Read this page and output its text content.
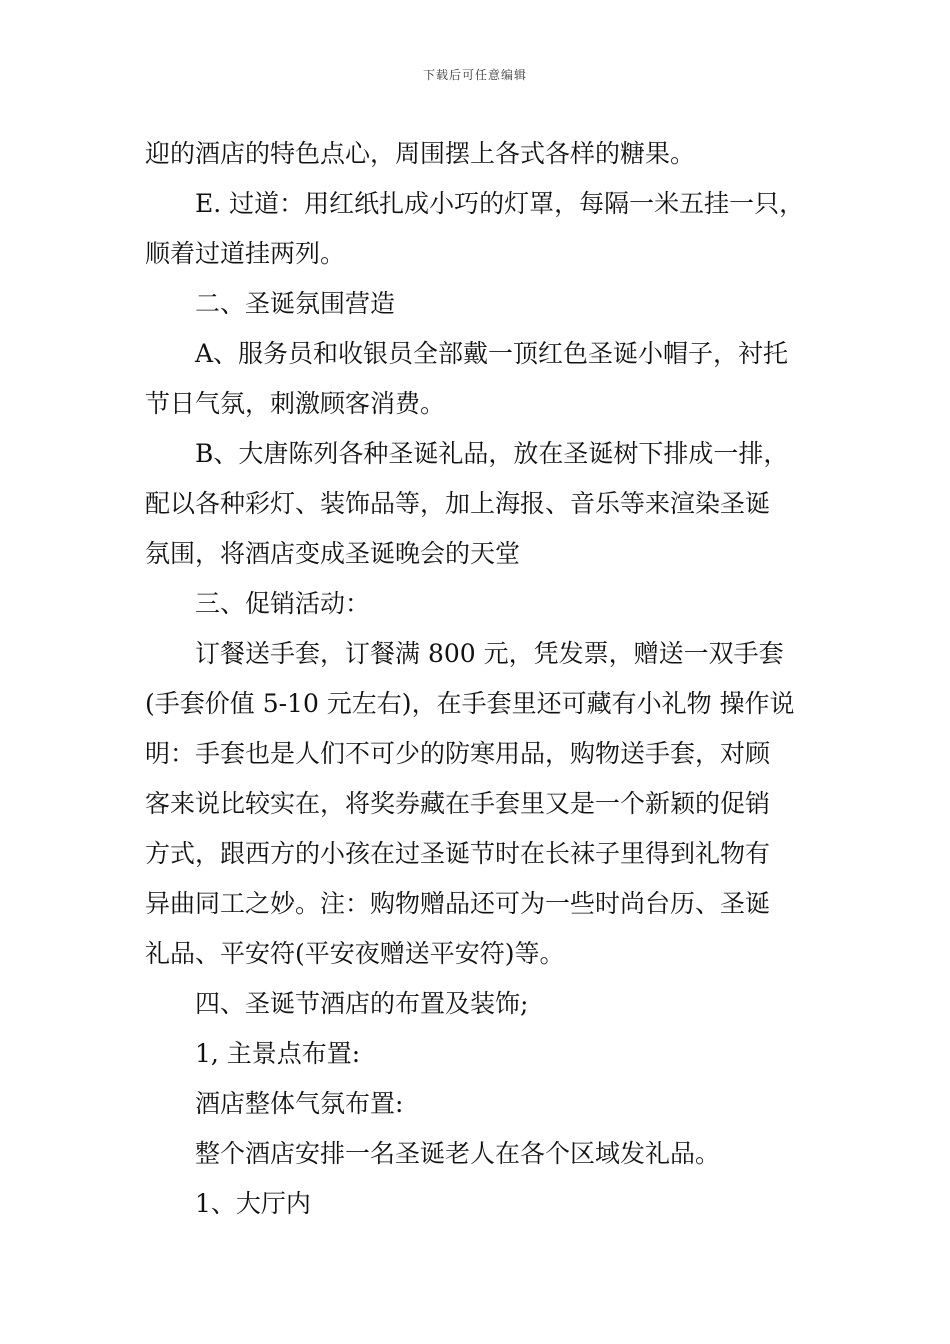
下载后可任意编辑
迎的酒店的特色点心，周围摆上各式各样的糖果。
E. 过道：用红纸扎成小巧的灯罩，每隔一米五挂一只，
顺着过道挂两列。
二、圣诞氛围营造
A、服务员和收银员全部戴一顶红色圣诞小帽子，衬托
节日气氛，刺激顾客消费。
B、大唐陈列各种圣诞礼品，放在圣诞树下排成一排，
配以各种彩灯、装饰品等，加上海报、音乐等来渲染圣诞
氛围，将酒店变成圣诞晚会的天堂
三、促销活动：
订餐送手套，订餐满 800 元，凭发票，赠送一双手套
(手套价值 5-10 元左右)，在手套里还可藏有小礼物 操作说
明：手套也是人们不可少的防寒用品，购物送手套，对顾
客来说比较实在，将奖券藏在手套里又是一个新颖的促销
方式，跟西方的小孩在过圣诞节时在长袜子里得到礼物有
异曲同工之妙。注：购物赠品还可为一些时尚台历、圣诞
礼品、平安符(平安夜赠送平安符)等。
四、圣诞节酒店的布置及装饰;
1, 主景点布置:
酒店整体气氛布置:
整个酒店安排一名圣诞老人在各个区域发礼品。
1、大厅内
